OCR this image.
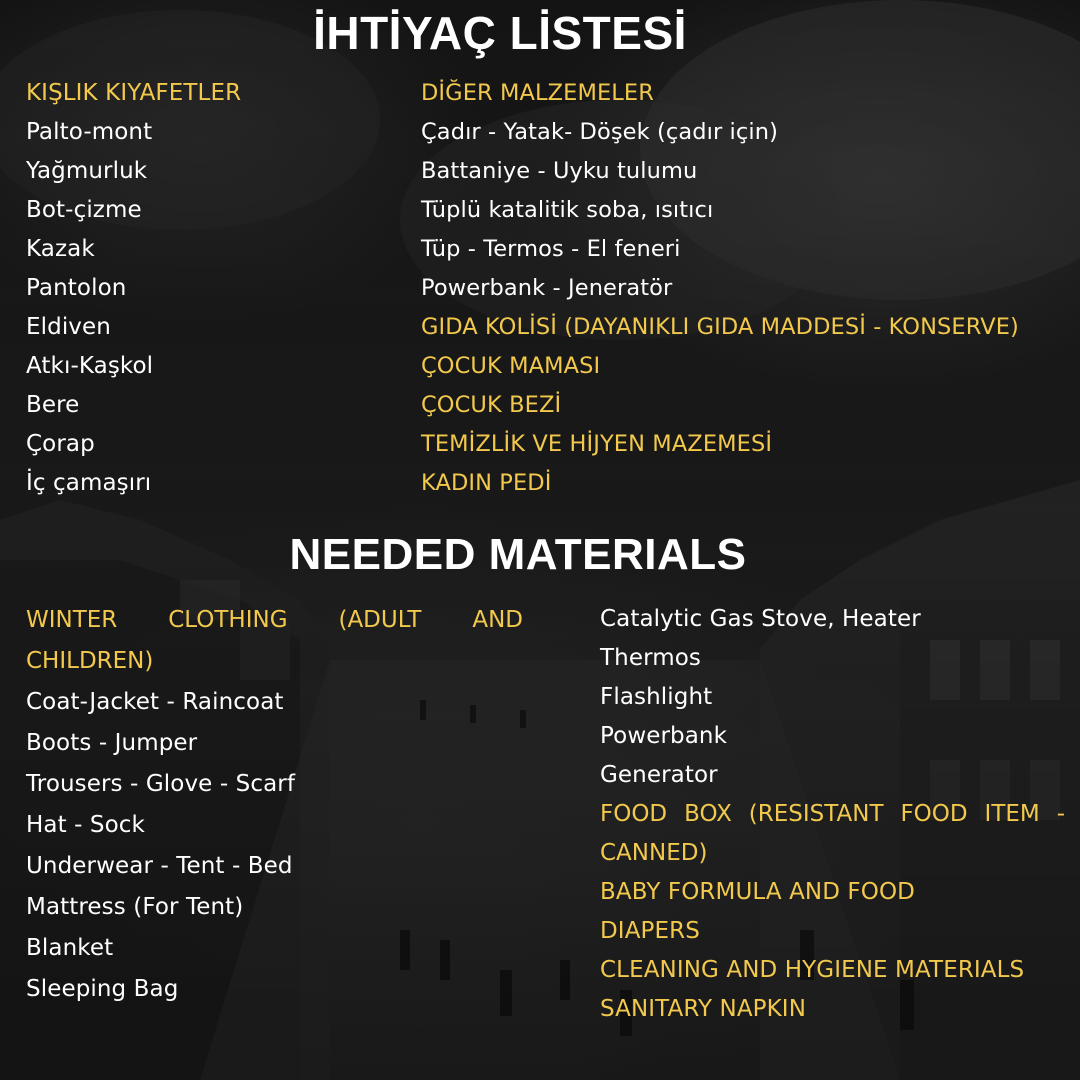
İHTİYAÇ LİSTESİ
KIŞLIK KIYAFETLER
Palto-mont
Yağmurluk
Bot-çizme
Kazak
Pantolon
Eldiven
Atkı-Kaşkol
Bere
Çorap
İç çamaşırı
DİĞER MALZEMELER
Çadır - Yatak- Döşek (çadır için)
Battaniye - Uyku tulumu
Tüplü katalitik soba, ısıtıcı
Tüp - Termos - El feneri
Powerbank - Jeneratör
GIDA KOLİSİ (DAYANIKLI GIDA MADDESİ - KONSERVE)
ÇOCUK MAMASI
ÇOCUK BEZİ
TEMİZLİK VE HİJYEN MAZEMESİ
KADIN PEDİ
NEEDED MATERIALS
WINTER CLOTHING (ADULT AND CHILDREN)
Coat-Jacket - Raincoat
Boots - Jumper
Trousers - Glove - Scarf
Hat - Sock
Underwear - Tent - Bed
Mattress (For Tent)
Blanket
Sleeping Bag
Catalytic Gas Stove, Heater
Thermos
Flashlight
Powerbank
Generator
FOOD BOX (RESISTANT FOOD ITEM - CANNED)
BABY FORMULA AND FOOD
DIAPERS
CLEANING AND HYGIENE MATERIALS
SANITARY NAPKIN
